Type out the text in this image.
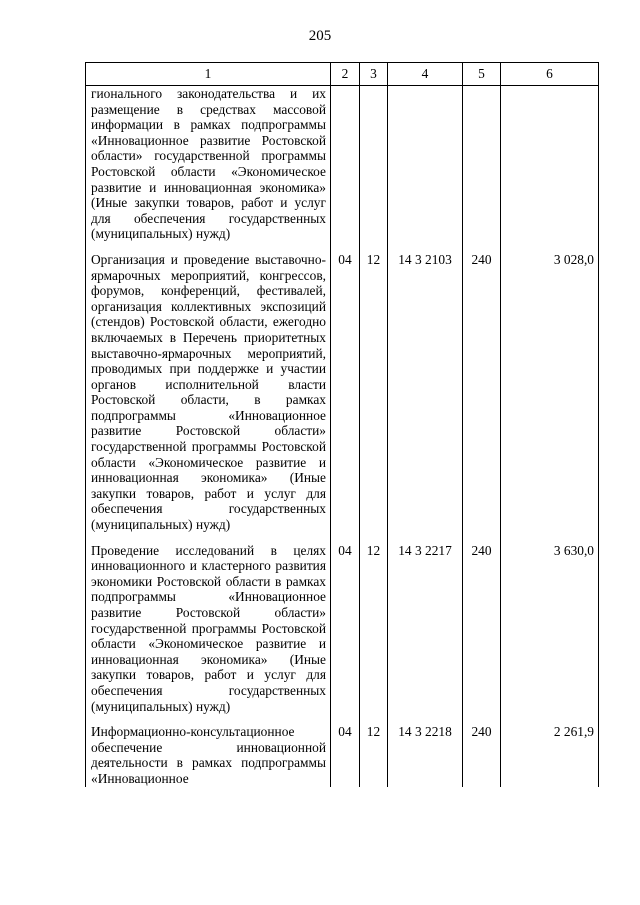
205
1	2	3	4	5	6
гионального законодательства и их размещение в средствах массовой информации в рамках подпрограммы «Инновационное развитие Ростовской области» государственной программы Ростовской области «Экономическое развитие и инновационная экономика» (Иные закупки товаров, работ и услуг для обеспечения государственных (муниципальных) нужд)					
Организация и проведение выставочно-ярмарочных мероприятий, конгрессов, форумов, конференций, фестивалей, организация коллективных экспозиций (стендов) Ростовской области, ежегодно включаемых в Перечень приоритетных выставочно-ярмарочных мероприятий, проводимых при поддержке и участии органов исполнительной власти Ростовской области, в рамках подпрограммы «Инновационное развитие Ростовской области» государственной программы Ростовской области «Экономическое развитие и инновационная экономика» (Иные закупки товаров, работ и услуг для обеспечения государственных (муниципальных) нужд)	04	12	14 3 2103	240	3 028,0
Проведение исследований в целях инновационного и кластерного развития экономики Ростовской области в рамках подпрограммы «Инновационное развитие Ростовской области» государственной программы Ростовской области «Экономическое развитие и инновационная экономика» (Иные закупки товаров, работ и услуг для обеспечения государственных (муниципальных) нужд)	04	12	14 3 2217	240	3 630,0
Информационно-консультационное обеспечение инновационной деятельности в рамках подпрограммы «Инновационное	04	12	14 3 2218	240	2 261,9
